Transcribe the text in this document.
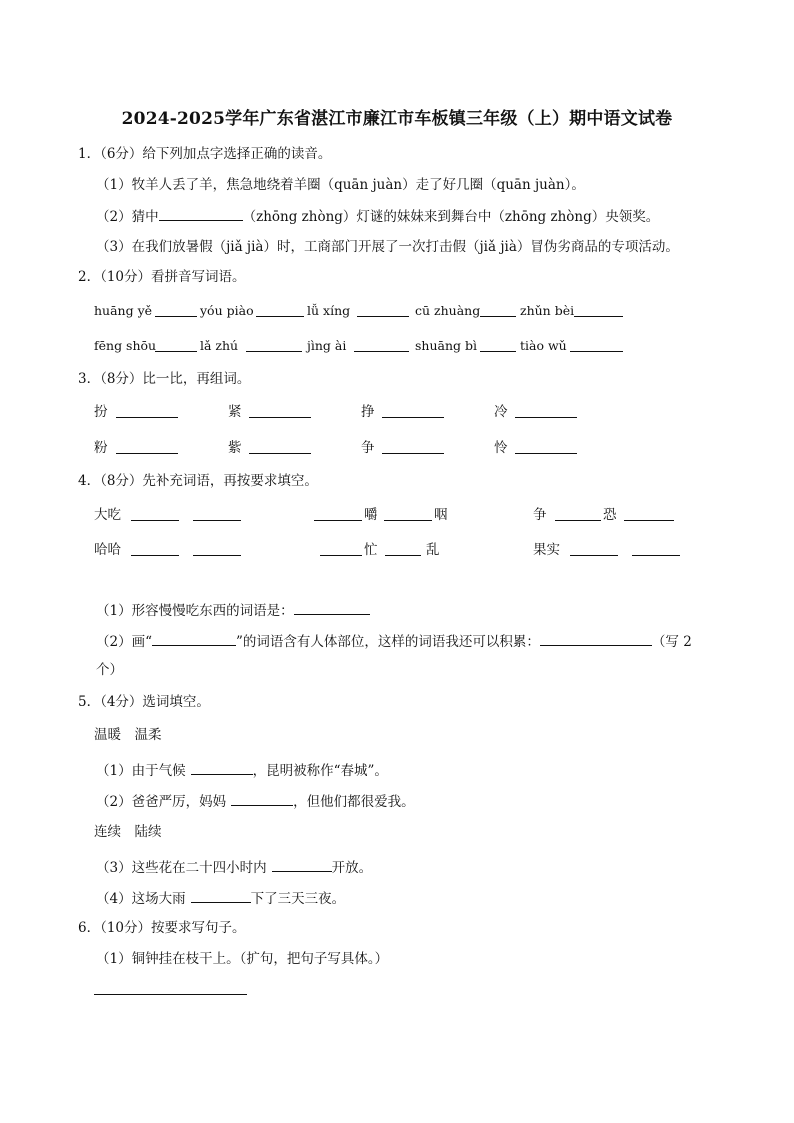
2024-2025学年广东省湛江市廉江市车板镇三年级（上）期中语文试卷
1．（6分）给下列加点字选择正确的读音。
（1）牧羊人丢了羊，焦急地绕着羊圈（quān juàn）走了好几圈（quān juàn）。
（2）猜中	（zhōng zhòng）灯谜的妹妹来到舞台中（zhōng zhòng）央领奖。
（3）在我们放暑假（jiǎ jià）时，工商部门开展了一次打击假（jiǎ jià）冒伪劣商品的专项活动。
2．（10分）看拼音写词语。
huāng yě	yóu piào	lǚ xíng	cū zhuàng	zhǔn bèi
fēng shōu	lǎ zhú	jìng ài	shuāng bì	tiào wǔ
3．（8分）比一比，再组词。
扮	紧	挣	冷
粉	紫	争	怜
4．（8分）先补充词语，再按要求填空。
大吃	嚼	咽	争	恐
哈哈	忙	乱	果实
（1）形容慢慢吃东西的词语是：
（2）画“	”的词语含有人体部位，这样的词语我还可以积累：	（写 2
个）
5．（4分）选词填空。
温暖　温柔
（1）由于气候	，昆明被称作“春城”。
（2）爸爸严厉，妈妈	，但他们都很爱我。
连续　陆续
（3）这些花在二十四小时内	开放。
（4）这场大雨	下了三天三夜。
6．（10分）按要求写句子。
（1）铜钟挂在枝干上。（扩句，把句子写具体。）
